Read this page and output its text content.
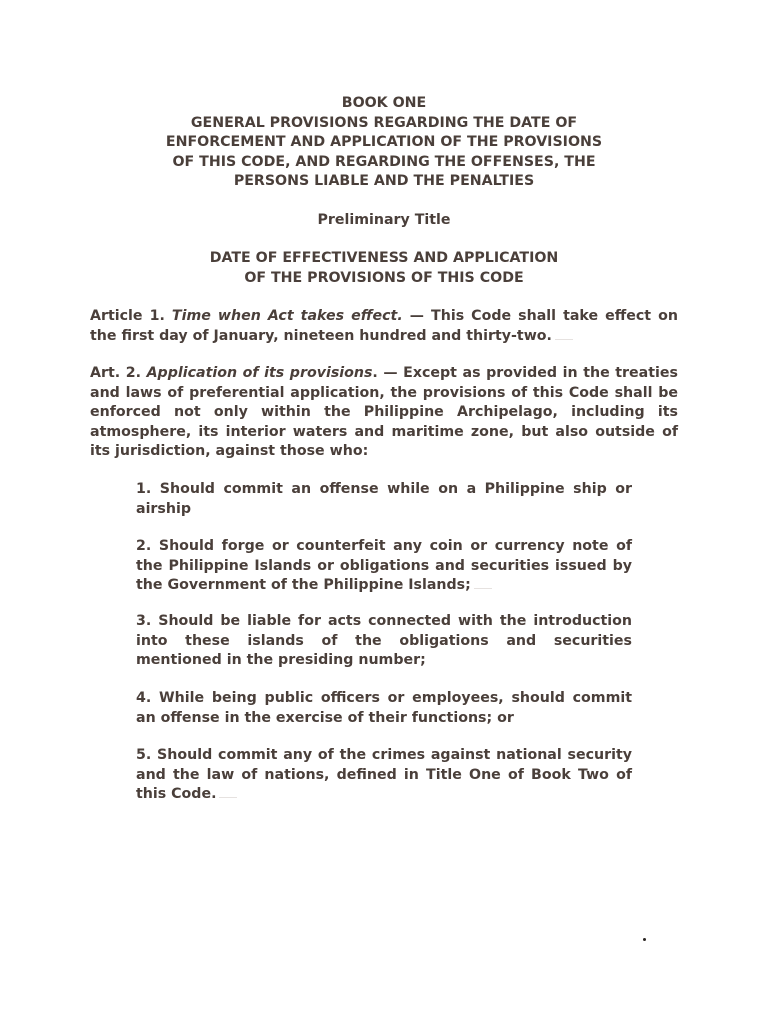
BOOK ONE
GENERAL PROVISIONS REGARDING THE DATE OF
ENFORCEMENT AND APPLICATION OF THE PROVISIONS
OF THIS CODE, AND REGARDING THE OFFENSES, THE
PERSONS LIABLE AND THE PENALTIES
Preliminary Title
DATE OF EFFECTIVENESS AND APPLICATION
OF THE PROVISIONS OF THIS CODE
Article 1. Time when Act takes effect. — This Code shall take effect on the first day of January, nineteen hundred and thirty-two.
Art. 2. Application of its provisions. — Except as provided in the treaties and laws of preferential application, the provisions of this Code shall be enforced not only within the Philippine Archipelago, including its atmosphere, its interior waters and maritime zone, but also outside of its jurisdiction, against those who:
1. Should commit an offense while on a Philippine ship or airship
2. Should forge or counterfeit any coin or currency note of the Philippine Islands or obligations and securities issued by the Government of the Philippine Islands;
3. Should be liable for acts connected with the introduction into these islands of the obligations and securities mentioned in the presiding number;
4. While being public officers or employees, should commit an offense in the exercise of their functions; or
5. Should commit any of the crimes against national security and the law of nations, defined in Title One of Book Two of this Code.
